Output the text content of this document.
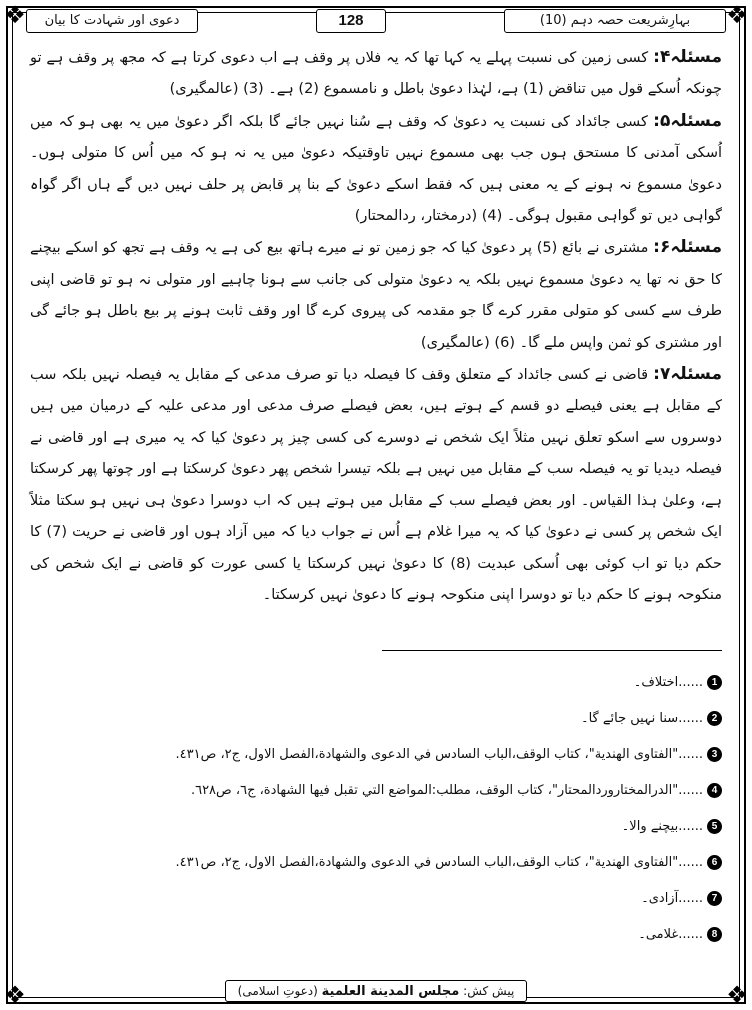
❖	❖
❖	❖
دعوی اور شہادت کا بیان	128	بہارِشریعت حصہ دہم (10)

مسئلہ۴: کسی زمین کی نسبت پہلے یہ کہا تھا کہ یہ فلاں پر وقف ہے اب دعوی کرتا ہے کہ مجھ پر وقف ہے تو چونکہ اُسکے قول میں تناقض (1) ہے، لہٰذا دعویٰ باطل و نامسموع (2) ہے۔ (3) (عالمگیری)

مسئلہ۵: کسی جائداد کی نسبت یہ دعویٰ کہ وقف ہے سُنا نہیں جائے گا بلکہ اگر دعویٰ میں یہ بھی ہو کہ میں اُسکی آمدنی کا مستحق ہوں جب بھی مسموع نہیں تاوقتیکہ دعویٰ میں یہ نہ ہو کہ میں اُس کا متولی ہوں۔ دعویٰ مسموع نہ ہونے کے یہ معنی ہیں کہ فقط اسکے دعویٰ کے بنا پر قابض پر حلف نہیں دیں گے ہاں اگر گواہ گواہی دیں تو گواہی مقبول ہوگی۔ (4) (درمختار، ردالمحتار)

مسئلہ۶: مشتری نے بائع (5) پر دعویٰ کیا کہ جو زمین تو نے میرے ہاتھ بیع کی ہے یہ وقف ہے تجھ کو اسکے بیچنے کا حق نہ تھا یہ دعویٰ مسموع نہیں بلکہ یہ دعویٰ متولی کی جانب سے ہونا چاہیے اور متولی نہ ہو تو قاضی اپنی طرف سے کسی کو متولی مقرر کرے گا جو مقدمہ کی پیروی کرے گا اور وقف ثابت ہونے پر بیع باطل ہو جائے گی اور مشتری کو ثمن واپس ملے گا۔ (6) (عالمگیری)

مسئلہ۷: قاضی نے کسی جائداد کے متعلق وقف کا فیصلہ دیا تو صرف مدعی کے مقابل یہ فیصلہ نہیں بلکہ سب کے مقابل ہے یعنی فیصلے دو قسم کے ہوتے ہیں، بعض فیصلے صرف مدعی اور مدعی علیہ کے درمیان میں ہیں دوسروں سے اسکو تعلق نہیں مثلاً ایک شخص نے دوسرے کی کسی چیز پر دعویٰ کیا کہ یہ میری ہے اور قاضی نے فیصلہ دیدیا تو یہ فیصلہ سب کے مقابل میں نہیں ہے بلکہ تیسرا شخص پھر دعویٰ کرسکتا ہے اور چوتھا پھر کرسکتا ہے، وعلیٰ ہذا القیاس۔ اور بعض فیصلے سب کے مقابل میں ہوتے ہیں کہ اب دوسرا دعویٰ ہی نہیں ہو سکتا مثلاً ایک شخص پر کسی نے دعویٰ کیا کہ یہ میرا غلام ہے اُس نے جواب دیا کہ میں آزاد ہوں اور قاضی نے حریت (7) کا حکم دیا تو اب کوئی بھی اُسکی عبدیت (8) کا دعویٰ نہیں کرسکتا یا کسی عورت کو قاضی نے ایک شخص کی منکوحہ ہونے کا حکم دیا تو دوسرا اپنی منکوحہ ہونے کا دعویٰ نہیں کرسکتا۔

1
......اختلاف۔
2
......سنا نہیں جائے گا۔
3
......"الفتاوی الهندية"، كتاب الوقف،الباب السادس في الدعوى والشهادة،الفصل الاول، ج٢، ص٤٣١.
4
......"الدرالمختاروردالمحتار"، كتاب الوقف، مطلب:المواضع التي تقبل فيها الشهادة، ج٦، ص٦٢٨.
5
......بیچنے والا۔
6
......"الفتاوی الهندية"، كتاب الوقف،الباب السادس في الدعوى والشهادة،الفصل الاول، ج٢، ص٤٣١.
7
......آزادی۔
8
......غلامی۔
پیش کش: مجلس المدينة العلمية (دعوتِ اسلامی)
